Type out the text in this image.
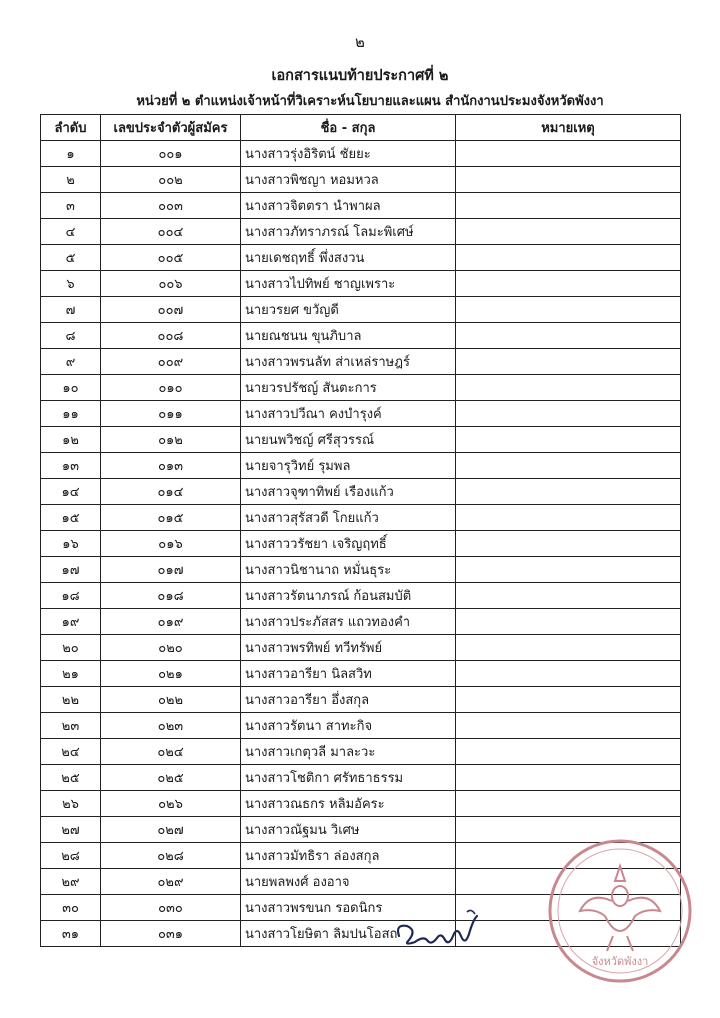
๒
เอกสารแนบท้ายประกาศที่ ๒
หน่วยที่ ๒ ตำแหน่งเจ้าหน้าที่วิเคราะห์นโยบายและแผน สำนักงานประมงจังหวัดพังงา
ลำดับ	เลขประจำตัวผู้สมัคร	ชื่อ - สกุล	หมายเหตุ
๑	๐๐๑	นางสาวรุ่งอิริตน์ ชัยยะ	
๒	๐๐๒	นางสาวพิชญา หอมหวล	
๓	๐๐๓	นางสาวจิตตรา นำพาผล	
๔	๐๐๔	นางสาวภัทราภรณ์ โลมะพิเศษ์	
๕	๐๐๕	นายเดชฤทธิ์ พึ่งสงวน	
๖	๐๐๖	นางสาวไปทิพย์ ชาญเพราะ	
๗	๐๐๗	นายวรยศ ขวัญดี	
๘	๐๐๘	นายณชนน ขุนภิบาล	
๙	๐๐๙	นางสาวพรนลัท ส่าเหล่ราษฎร์	
๑๐	๐๑๐	นายวรปรัชญ์ สันตะการ	
๑๑	๐๑๑	นางสาวปวีณา คงบำรุงค์	
๑๒	๐๑๒	นายนพวิชญ์ ศรีสุวรรณ์	
๑๓	๐๑๓	นายจารุวิทย์ รุมพล	
๑๔	๐๑๔	นางสาวจุฑาทิพย์ เรืองแก้ว	
๑๕	๐๑๕	นางสาวสุรัสวดี โกยแก้ว	
๑๖	๐๑๖	นางสาววรัชยา เจริญฤทธิ์	
๑๗	๐๑๗	นางสาวนิชานาถ หมั่นธุระ	
๑๘	๐๑๘	นางสาวรัตนาภรณ์ ก้อนสมบัติ	
๑๙	๐๑๙	นางสาวประภัสสร แถวทองคำ	
๒๐	๐๒๐	นางสาวพรทิพย์ ทวีทรัพย์	
๒๑	๐๒๑	นางสาวอารียา นิลสวิท	
๒๒	๐๒๒	นางสาวอารียา อึ่งสกุล	
๒๓	๐๒๓	นางสาวรัตนา สาทะกิจ	
๒๔	๐๒๔	นางสาวเกตุวลี มาละวะ	
๒๕	๐๒๕	นางสาวโชติกา ศรัทธาธรรม	
๒๖	๐๒๖	นางสาวณธกร หลิมอัคระ	
๒๗	๐๒๗	นางสาวณัฐมน วิเศษ	
๒๘	๐๒๘	นางสาวมัทธิรา ล่องสกุล	
๒๙	๐๒๙	นายพลพงศ์ องอาจ	
๓๐	๐๓๐	นางสาวพรขนก รอดนิกร	
๓๑	๐๓๑	นางสาวโยษิตา ลิมปนโอสถ	
จังหวัดพังงา
